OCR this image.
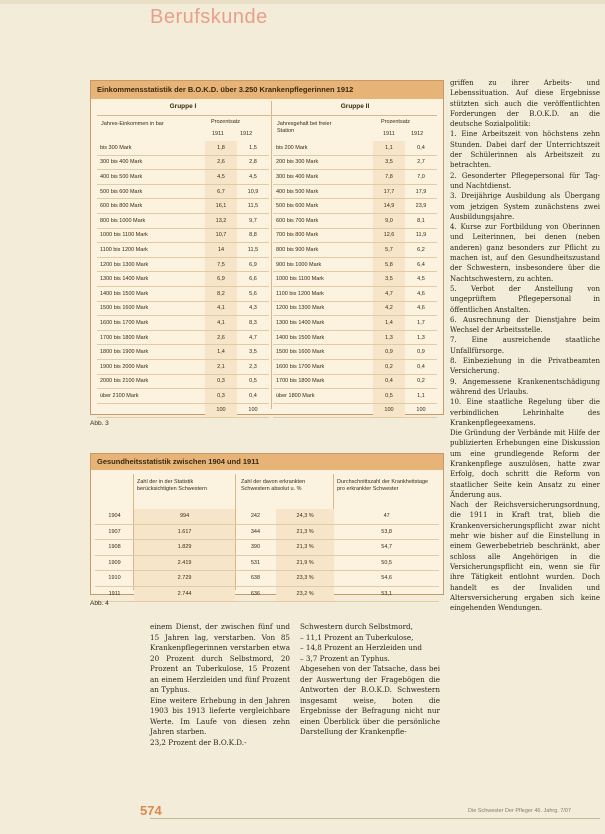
Berufskunde
Einkommensstatistik der B.O.K.D. über 3.250 Krankenpflegerinnen 1912
Gruppe I	Gruppe II
Jahres-Einkommen in bar	Prozentsatz
1911	1912
Jahresgehalt bei freier Station
Prozentsatz
1911	1912
bis 300 Mark	1,8	1,5
300 bis 400 Mark	2,6	2,8
400 bis 500 Mark	4,5	4,5
500 bis 600 Mark	6,7	10,9
600 bis 800 Mark	16,1	11,5
800 bis 1000 Mark	13,2	9,7
1000 bis 1100 Mark	10,7	8,8
1100 bis 1200 Mark	14	11,5
1200 bis 1300 Mark	7,5	6,9
1300 bis 1400 Mark	6,9	6,6
1400 bis 1500 Mark	8,2	5,6
1500 bis 1600 Mark	4,1	4,3
1600 bis 1700 Mark	4,1	8,3
1700 bis 1800 Mark	2,6	4,7
1800 bis 1900 Mark	1,4	3,5
1900 bis 2000 Mark	2,1	2,3
2000 bis 2100 Mark	0,3	0,5
über 2100 Mark	0,3	0,4
	100	100
bis 200 Mark	1,1	0,4
200 bis 300 Mark	3,5	2,7
300 bis 400 Mark	7,8	7,0
400 bis 500 Mark	17,7	17,9
500 bis 600 Mark	14,9	23,9
600 bis 700 Mark	9,0	8,1
700 bis 800 Mark	12,6	11,9
800 bis 900 Mark	5,7	6,2
900 bis 1000 Mark	5,8	6,4
1000 bis 1100 Mark	3,5	4,5
1100 bis 1200 Mark	4,7	4,6
1200 bis 1300 Mark	4,2	4,6
1300 bis 1400 Mark	1,4	1,7
1400 bis 1500 Mark	1,3	1,3
1500 bis 1600 Mark	0,9	0,9
1600 bis 1700 Mark	0,2	0,4
1700 bis 1800 Mark	0,4	0,2
über 1800 Mark	0,5	1,1
	100	100
Abb. 3
Gesundheitsstatistik zwischen 1904 und 1911
Zahl der in der Statistik berücksichtigten Schwestern
Zahl der davon erkrankten Schwestern absolut u. %
Durchschnittszahl der Krankheitstage pro erkrankter Schwester
1904	994	242	24,3 %	47
1907	1.617	344	21,3 %	53,8
1908	1.829	390	21,3 %	54,7
1909	2.419	531	21,9 %	50,5
1910	2.729	638	23,3 %	54,6
1911	2.744	636	23,2 %	53,1
Abb. 4

griffen zu ihrer Arbeits- und Lebenssituation. Auf diese Ergebnisse stützten sich auch die veröffentlichten Forderungen der B.O.K.D. an die deutsche Sozialpolitik:

1. Eine Arbeitszeit von höchstens zehn Stunden. Dabei darf der Unterrichtszeit der Schülerinnen als Arbeitszeit zu betrachten.

2. Gesonderter Pflegepersonal für Tag- und Nachtdienst.

3. Dreijährige Ausbildung als Übergang vom jetzigen System zunächstens zwei Ausbildungsjahre.

4. Kurse zur Fortbildung von Oberinnen und Leiterinnen, bei denen (neben anderen) ganz besonders zur Pflicht zu machen ist, auf den Gesundheitszustand der Schwestern, insbesondere über die Nachtschwestern, zu achten.

5. Verbot der Anstellung von ungeprüftem Pflegepersonal in öffentlichen Anstalten.

6. Ausrechnung der Dienstjahre beim Wechsel der Arbeitsstelle.

7. Eine ausreichende staatliche Unfallfürsorge.

8. Einbeziehung in die Privatbeamten Versicherung.

9. Angemessene Krankenentschädigung während des Urlaubs.

10. Eine staatliche Regelung über die verbindlichen Lehrinhalte des Krankenpflegeexamens.

Die Gründung der Verbände mit Hilfe der publizierten Erhebungen eine Diskussion um eine grundlegende Reform der Krankenpflege auszulösen, hatte zwar Erfolg, doch schritt die Reform von staatlicher Seite kein Ansatz zu einer Änderung aus.

Nach der Reichsversicherungsordnung, die 1911 in Kraft trat, blieb die Krankenversicherungspflicht zwar nicht mehr wie bisher auf die Einstellung in einem Gewerbebetrieb beschränkt, aber schloss alle Angehörigen in die Versicherungspflicht ein, wenn sie für ihre Tätigkeit entlohnt wurden. Doch handelt es der Invaliden und Altersversicherung ergaben sich keine eingehenden Wendungen.

einem Dienst, der zwischen fünf und 15 Jahren lag, verstarben. Von 85 Krankenpflegerinnen verstarben etwa 20 Prozent durch Selbstmord, 20 Prozent an Tuberkulose, 15 Prozent an einem Herzleiden und fünf Prozent an Typhus.

Eine weitere Erhebung in den Jahren 1903 bis 1913 lieferte vergleichbare Werte. Im Laufe von diesen zehn Jahren starben.

23,2 Prozent der B.O.K.D.-

Schwestern durch Selbstmord,

– 11,1 Prozent an Tuberkulose,

– 14,8 Prozent an Herzleiden und

– 3,7 Prozent an Typhus.

Abgesehen von der Tatsache, dass bei der Auswertung der Fragebögen die Antworten der B.O.K.D. Schwestern insgesamt weise, boten die Ergebnisse der Befragung nicht nur einen Überblick über die persönliche Darstellung der Krankenpfle-

574	Die Schwester Der Pfleger 46. Jahrg. 7/07
